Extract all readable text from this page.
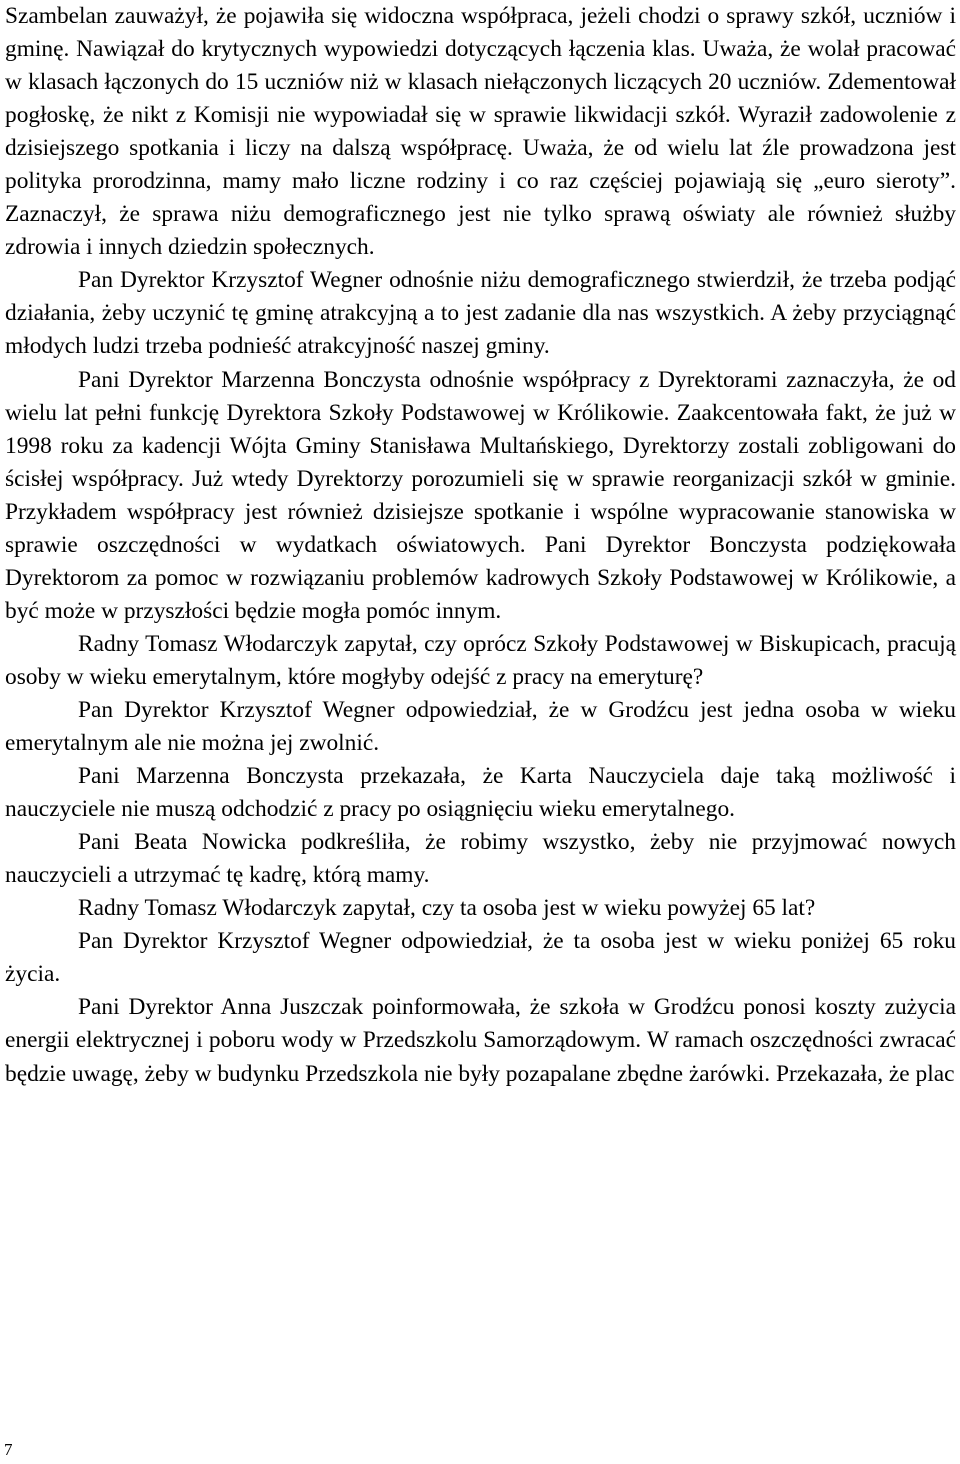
Szambelan zauważył, że pojawiła się widoczna współpraca, jeżeli chodzi o sprawy szkół, uczniów i gminę. Nawiązał do krytycznych wypowiedzi dotyczących łączenia klas. Uważa, że wolał pracować w klasach łączonych do 15 uczniów niż w klasach niełączonych liczących 20 uczniów. Zdementował pogłoskę, że nikt z Komisji nie wypowiadał się w sprawie likwidacji szkół. Wyraził zadowolenie z dzisiejszego spotkania i liczy na dalszą współpracę. Uważa, że od wielu lat źle prowadzona jest polityka prorodzinna, mamy mało liczne rodziny i co raz częściej pojawiają się „euro sieroty”. Zaznaczył, że sprawa niżu demograficznego jest nie tylko sprawą oświaty ale również służby zdrowia i innych dziedzin społecznych.

Pan Dyrektor Krzysztof Wegner odnośnie niżu demograficznego stwierdził, że trzeba podjąć działania, żeby uczynić tę gminę atrakcyjną a to jest zadanie dla nas wszystkich. A żeby przyciągnąć młodych ludzi trzeba podnieść atrakcyjność naszej gminy.

Pani Dyrektor Marzenna Bonczysta odnośnie współpracy z Dyrektorami zaznaczyła, że od wielu lat pełni funkcję Dyrektora Szkoły Podstawowej w Królikowie. Zaakcentowała fakt, że już w 1998 roku za kadencji Wójta Gminy Stanisława Multańskiego, Dyrektorzy zostali zobligowani do ścisłej współpracy. Już wtedy Dyrektorzy porozumieli się w sprawie reorganizacji szkół w gminie. Przykładem współpracy jest również dzisiejsze spotkanie i wspólne wypracowanie stanowiska w sprawie oszczędności w wydatkach oświatowych. Pani Dyrektor Bonczysta podziękowała Dyrektorom za pomoc w rozwiązaniu problemów kadrowych Szkoły Podstawowej w Królikowie, a być może w przyszłości będzie mogła pomóc innym.

Radny Tomasz Włodarczyk zapytał, czy oprócz Szkoły Podstawowej w Biskupicach, pracują osoby w wieku emerytalnym, które mogłyby odejść z pracy na emeryturę?

Pan Dyrektor Krzysztof Wegner odpowiedział, że w Grodźcu jest jedna osoba w wieku emerytalnym ale nie można jej zwolnić.

Pani Marzenna Bonczysta przekazała, że Karta Nauczyciela daje taką możliwość i nauczyciele nie muszą odchodzić z pracy po osiągnięciu wieku emerytalnego.

Pani Beata Nowicka podkreśliła, że robimy wszystko, żeby nie przyjmować nowych nauczycieli a utrzymać tę kadrę, którą mamy.

Radny Tomasz Włodarczyk zapytał, czy ta osoba jest w wieku powyżej 65 lat?

Pan Dyrektor Krzysztof Wegner odpowiedział, że ta osoba jest w wieku poniżej 65 roku życia.

Pani Dyrektor Anna Juszczak poinformowała, że szkoła w Grodźcu ponosi koszty zużycia energii elektrycznej i poboru wody w Przedszkolu Samorządowym. W ramach oszczędności zwracać będzie uwagę, żeby w budynku Przedszkola nie były pozapalane zbędne żarówki. Przekazała, że plac

7
